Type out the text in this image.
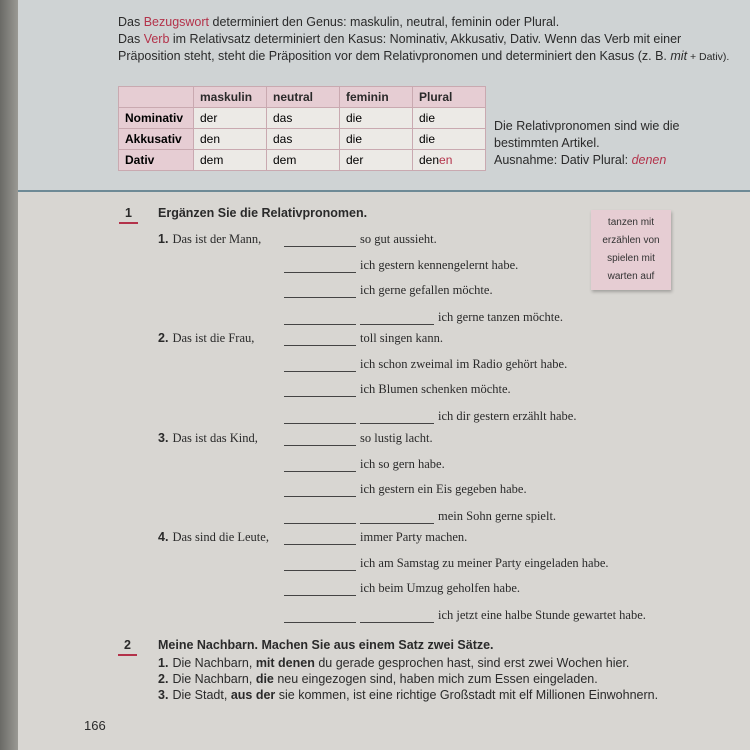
Das Bezugswort determiniert den Genus: maskulin, neutral, feminin oder Plural.
Das Verb im Relativsatz determiniert den Kasus: Nominativ, Akkusativ, Dativ. Wenn das Verb mit einer
Präposition steht, steht die Präposition vor dem Relativpronomen und determiniert den Kasus (z. B. mit + Dativ).
	maskulin	neutral	feminin	Plural
Nominativ	der	das	die	die
Akkusativ	den	das	die	die
Dativ	dem	dem	der	denen
Die Relativpronomen sind wie die
bestimmten Artikel.
Ausnahme: Dativ Plural: denen
1 Ergänzen Sie die Relativpronomen.
tanzen mit
erzählen von
spielen mit
warten auf
1. Das ist der Mann,	so gut aussieht.
ich gestern kennengelernt habe.
ich gerne gefallen möchte.
ich gerne tanzen möchte.
2. Das ist die Frau,	toll singen kann.
ich schon zweimal im Radio gehört habe.
ich Blumen schenken möchte.
ich dir gestern erzählt habe.
3. Das ist das Kind,	so lustig lacht.
ich so gern habe.
ich gestern ein Eis gegeben habe.
mein Sohn gerne spielt.
4. Das sind die Leute,	immer Party machen.
ich am Samstag zu meiner Party eingeladen habe.
ich beim Umzug geholfen habe.
ich jetzt eine halbe Stunde gewartet habe.
2 Meine Nachbarn. Machen Sie aus einem Satz zwei Sätze.
1. Die Nachbarn, mit denen du gerade gesprochen hast, sind erst zwei Wochen hier.
2. Die Nachbarn, die neu eingezogen sind, haben mich zum Essen eingeladen.
3. Die Stadt, aus der sie kommen, ist eine richtige Großstadt mit elf Millionen Einwohnern.
166
